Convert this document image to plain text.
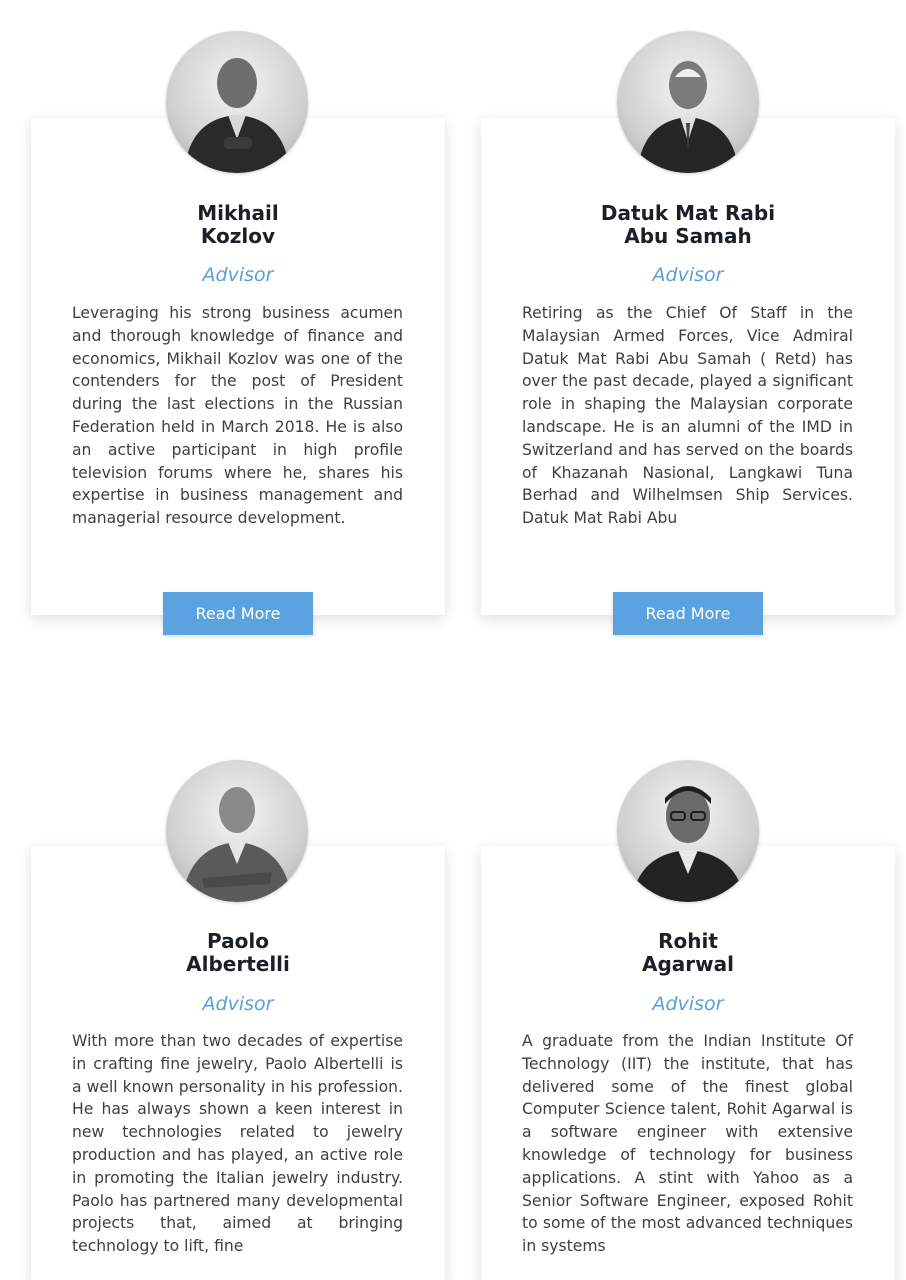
Mikhail
Kozlov
Advisor
Leveraging his strong business acumen and thorough knowledge of finance and economics, Mikhail Kozlov was one of the contenders for the post of President during the last elections in the Russian Federation held in March 2018. He is also an active participant in high profile television forums where he, shares his expertise in business management and managerial resource development.
Read More
Datuk Mat Rabi
Abu Samah
Advisor
Retiring as the Chief Of Staff in the Malaysian Armed Forces, Vice Admiral Datuk Mat Rabi Abu Samah ( Retd) has over the past decade, played a significant role in shaping the Malaysian corporate landscape. He is an alumni of the IMD in Switzerland and has served on the boards of Khazanah Nasional, Langkawi Tuna Berhad and Wilhelmsen Ship Services. Datuk Mat Rabi Abu
Read More
Paolo
Albertelli
Advisor
With more than two decades of expertise in crafting fine jewelry, Paolo Albertelli is a well known personality in his profession. He has always shown a keen interest in new technologies related to jewelry production and has played, an active role in promoting the Italian jewelry industry. Paolo has partnered many developmental projects that, aimed at bringing technology to lift, fine
Rohit
Agarwal
Advisor
A graduate from the Indian Institute Of Technology (IIT) the institute, that has delivered some of the finest global Computer Science talent, Rohit Agarwal is a software engineer with extensive knowledge of technology for business applications. A stint with Yahoo as a Senior Software Engineer, exposed Rohit to some of the most advanced techniques in systems
